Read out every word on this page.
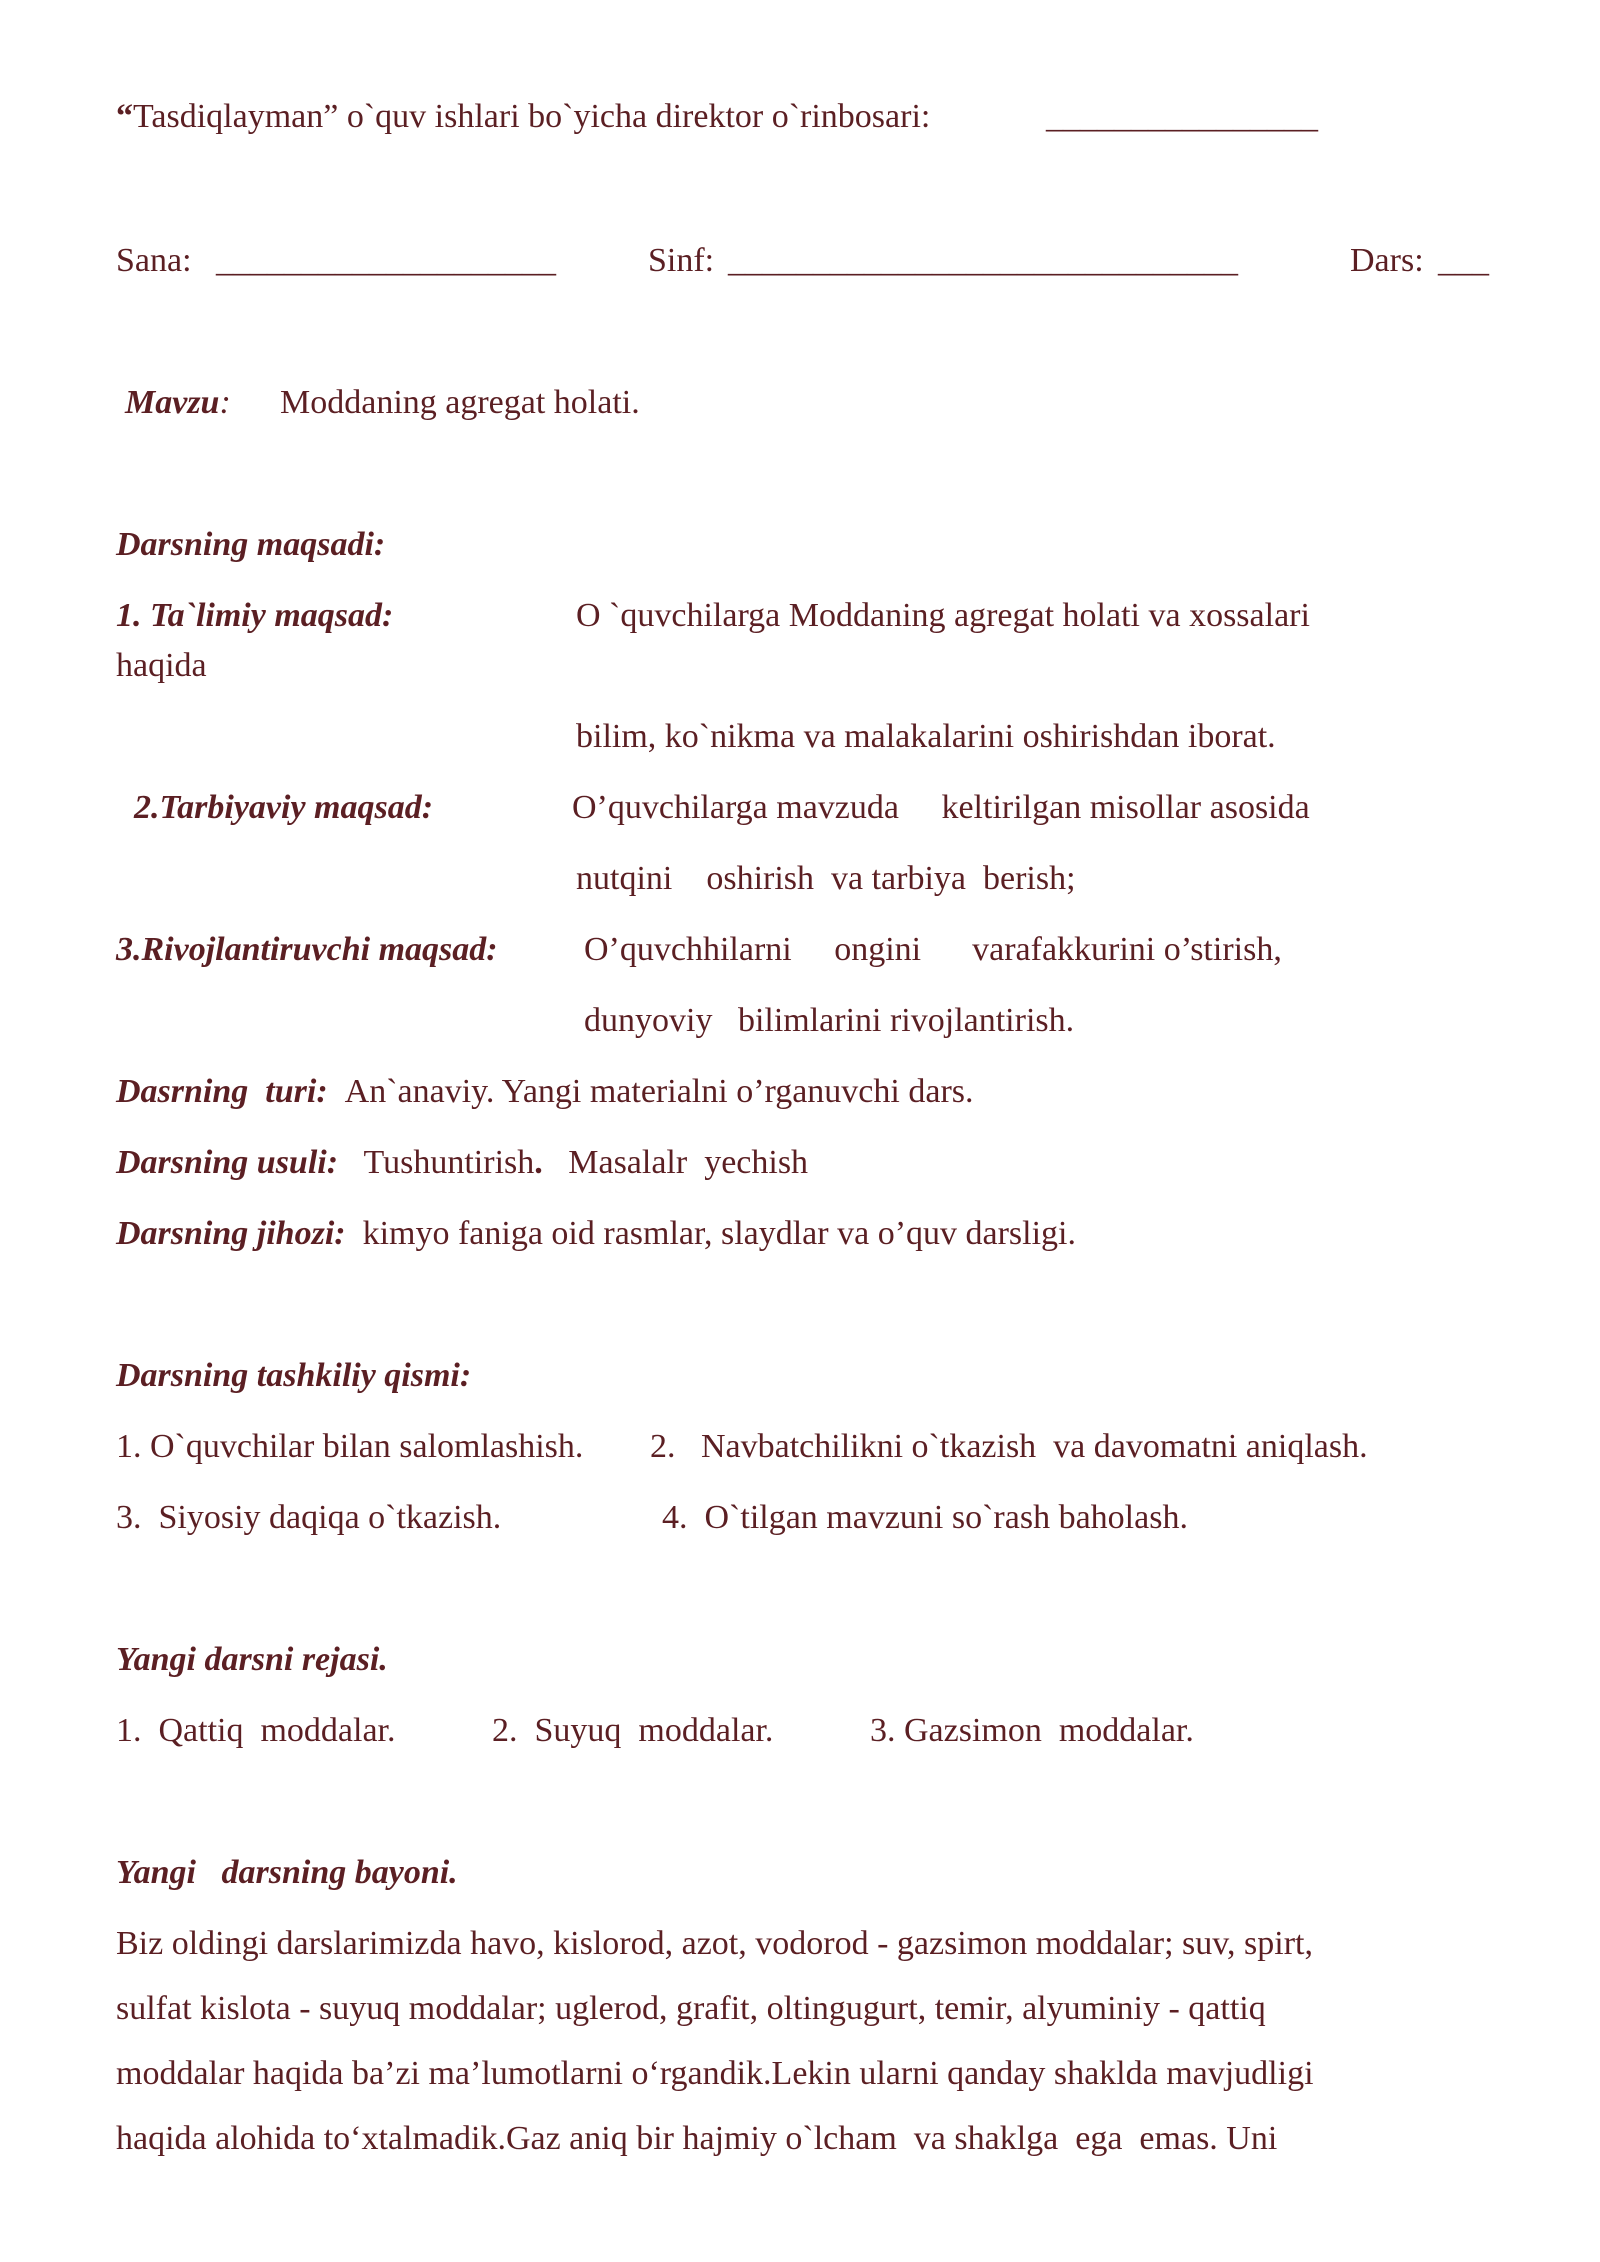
“Tasdiqlayman” o`quv ishlari bo`yicha direktor o`rinbosari:	________________
Sana: ____________________	Sinf: ______________________________	Dars: ___
Mavzu: Moddaning agregat holati.
Darsning maqsadi:
1. Ta`limiy maqsad:	O `quvchilarga Moddaning agregat holati va xossalari
haqida
bilim, ko`nikma va malakalarini oshirishdan iborat.
2.Tarbiyaviy maqsad:	O’quvchilarga mavzuda     keltirilgan misollar asosida
nutqini    oshirish  va tarbiya  berish;
3.Rivojlantiruvchi maqsad:	O’quvchhilarni     ongini      varafakkurini o’stirish,
dunyoviy   bilimlarini rivojlantirish.
Dasrning  turi: An`anaviy. Yangi materialni o’rganuvchi dars.
Darsning usuli: Tushuntirish. Masalalr  yechish
Darsning jihozi: kimyo faniga oid rasmlar, slaydlar va o’quv darsligi.
Darsning tashkiliy qismi:
1. O`quvchilar bilan salomlashish. 2.   Navbatchilikni o`tkazish  va davomatni aniqlash.
3.  Siyosiy daqiqa o`tkazish.	4.  O`tilgan mavzuni so`rash baholash.
Yangi darsni rejasi.
1.  Qattiq  moddalar.	2.  Suyuq  moddalar.	3. Gazsimon  moddalar.
Yangi   darsning bayoni.
Biz oldingi darslarimizda havo, kislorod, azot, vodorod - gazsimon moddalar; suv, spirt,
sulfat kislota - suyuq moddalar; uglerod, grafit, oltingugurt, temir, alyuminiy - qattiq
moddalar haqida ba’zi ma’lumotlarni o‘rgandik.Lekin ularni qanday shaklda mavjudligi
haqida alohida to‘xtalmadik.Gaz aniq bir hajmiy o`lcham  va shaklga  ega  emas. Uni
